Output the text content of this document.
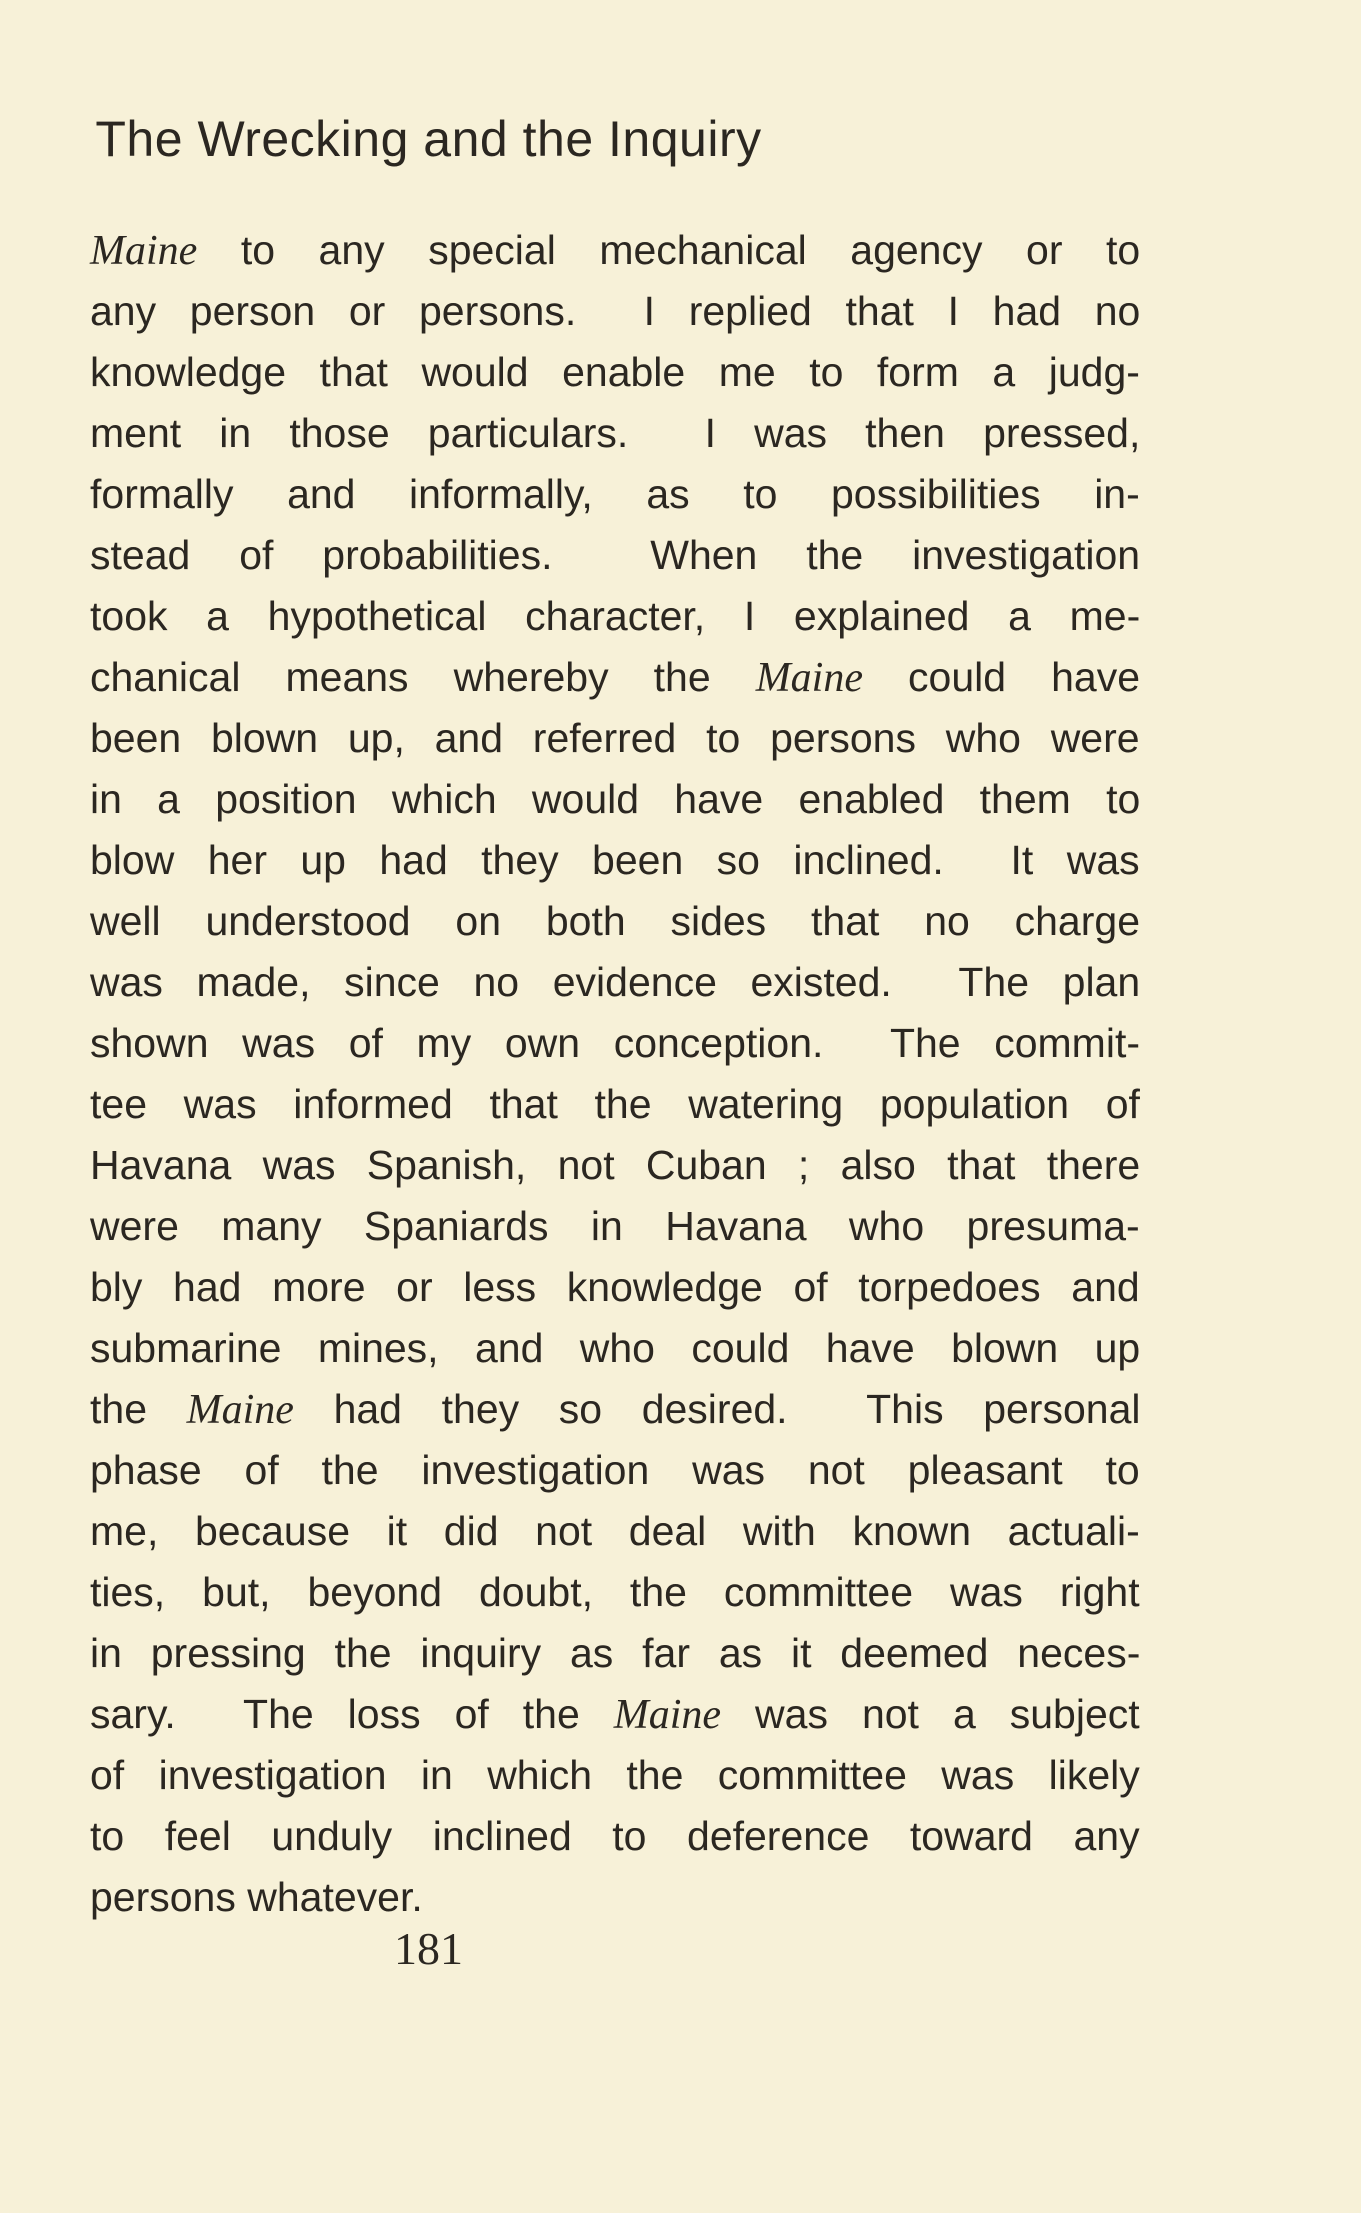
The Wrecking and the Inquiry
Maine to any special mechanical agency or to
any person or persons.  I replied that I had no
knowledge that would enable me to form a judg-
ment in those particulars.  I was then pressed,
formally and informally, as to possibilities in-
stead of probabilities.  When the investigation
took a hypothetical character, I explained a me-
chanical means whereby the Maine could have
been blown up, and referred to persons who were
in a position which would have enabled them to
blow her up had they been so inclined.  It was
well understood on both sides that no charge
was made, since no evidence existed.  The plan
shown was of my own conception.  The commit-
tee was informed that the watering population of
Havana was Spanish, not Cuban ; also that there
were many Spaniards in Havana who presuma-
bly had more or less knowledge of torpedoes and
submarine mines, and who could have blown up
the Maine had they so desired.  This personal
phase of the investigation was not pleasant to
me, because it did not deal with known actuali-
ties, but, beyond doubt, the committee was right
in pressing the inquiry as far as it deemed neces-
sary.  The loss of the Maine was not a subject
of investigation in which the committee was likely
to feel unduly inclined to deference toward any
persons whatever.
181
